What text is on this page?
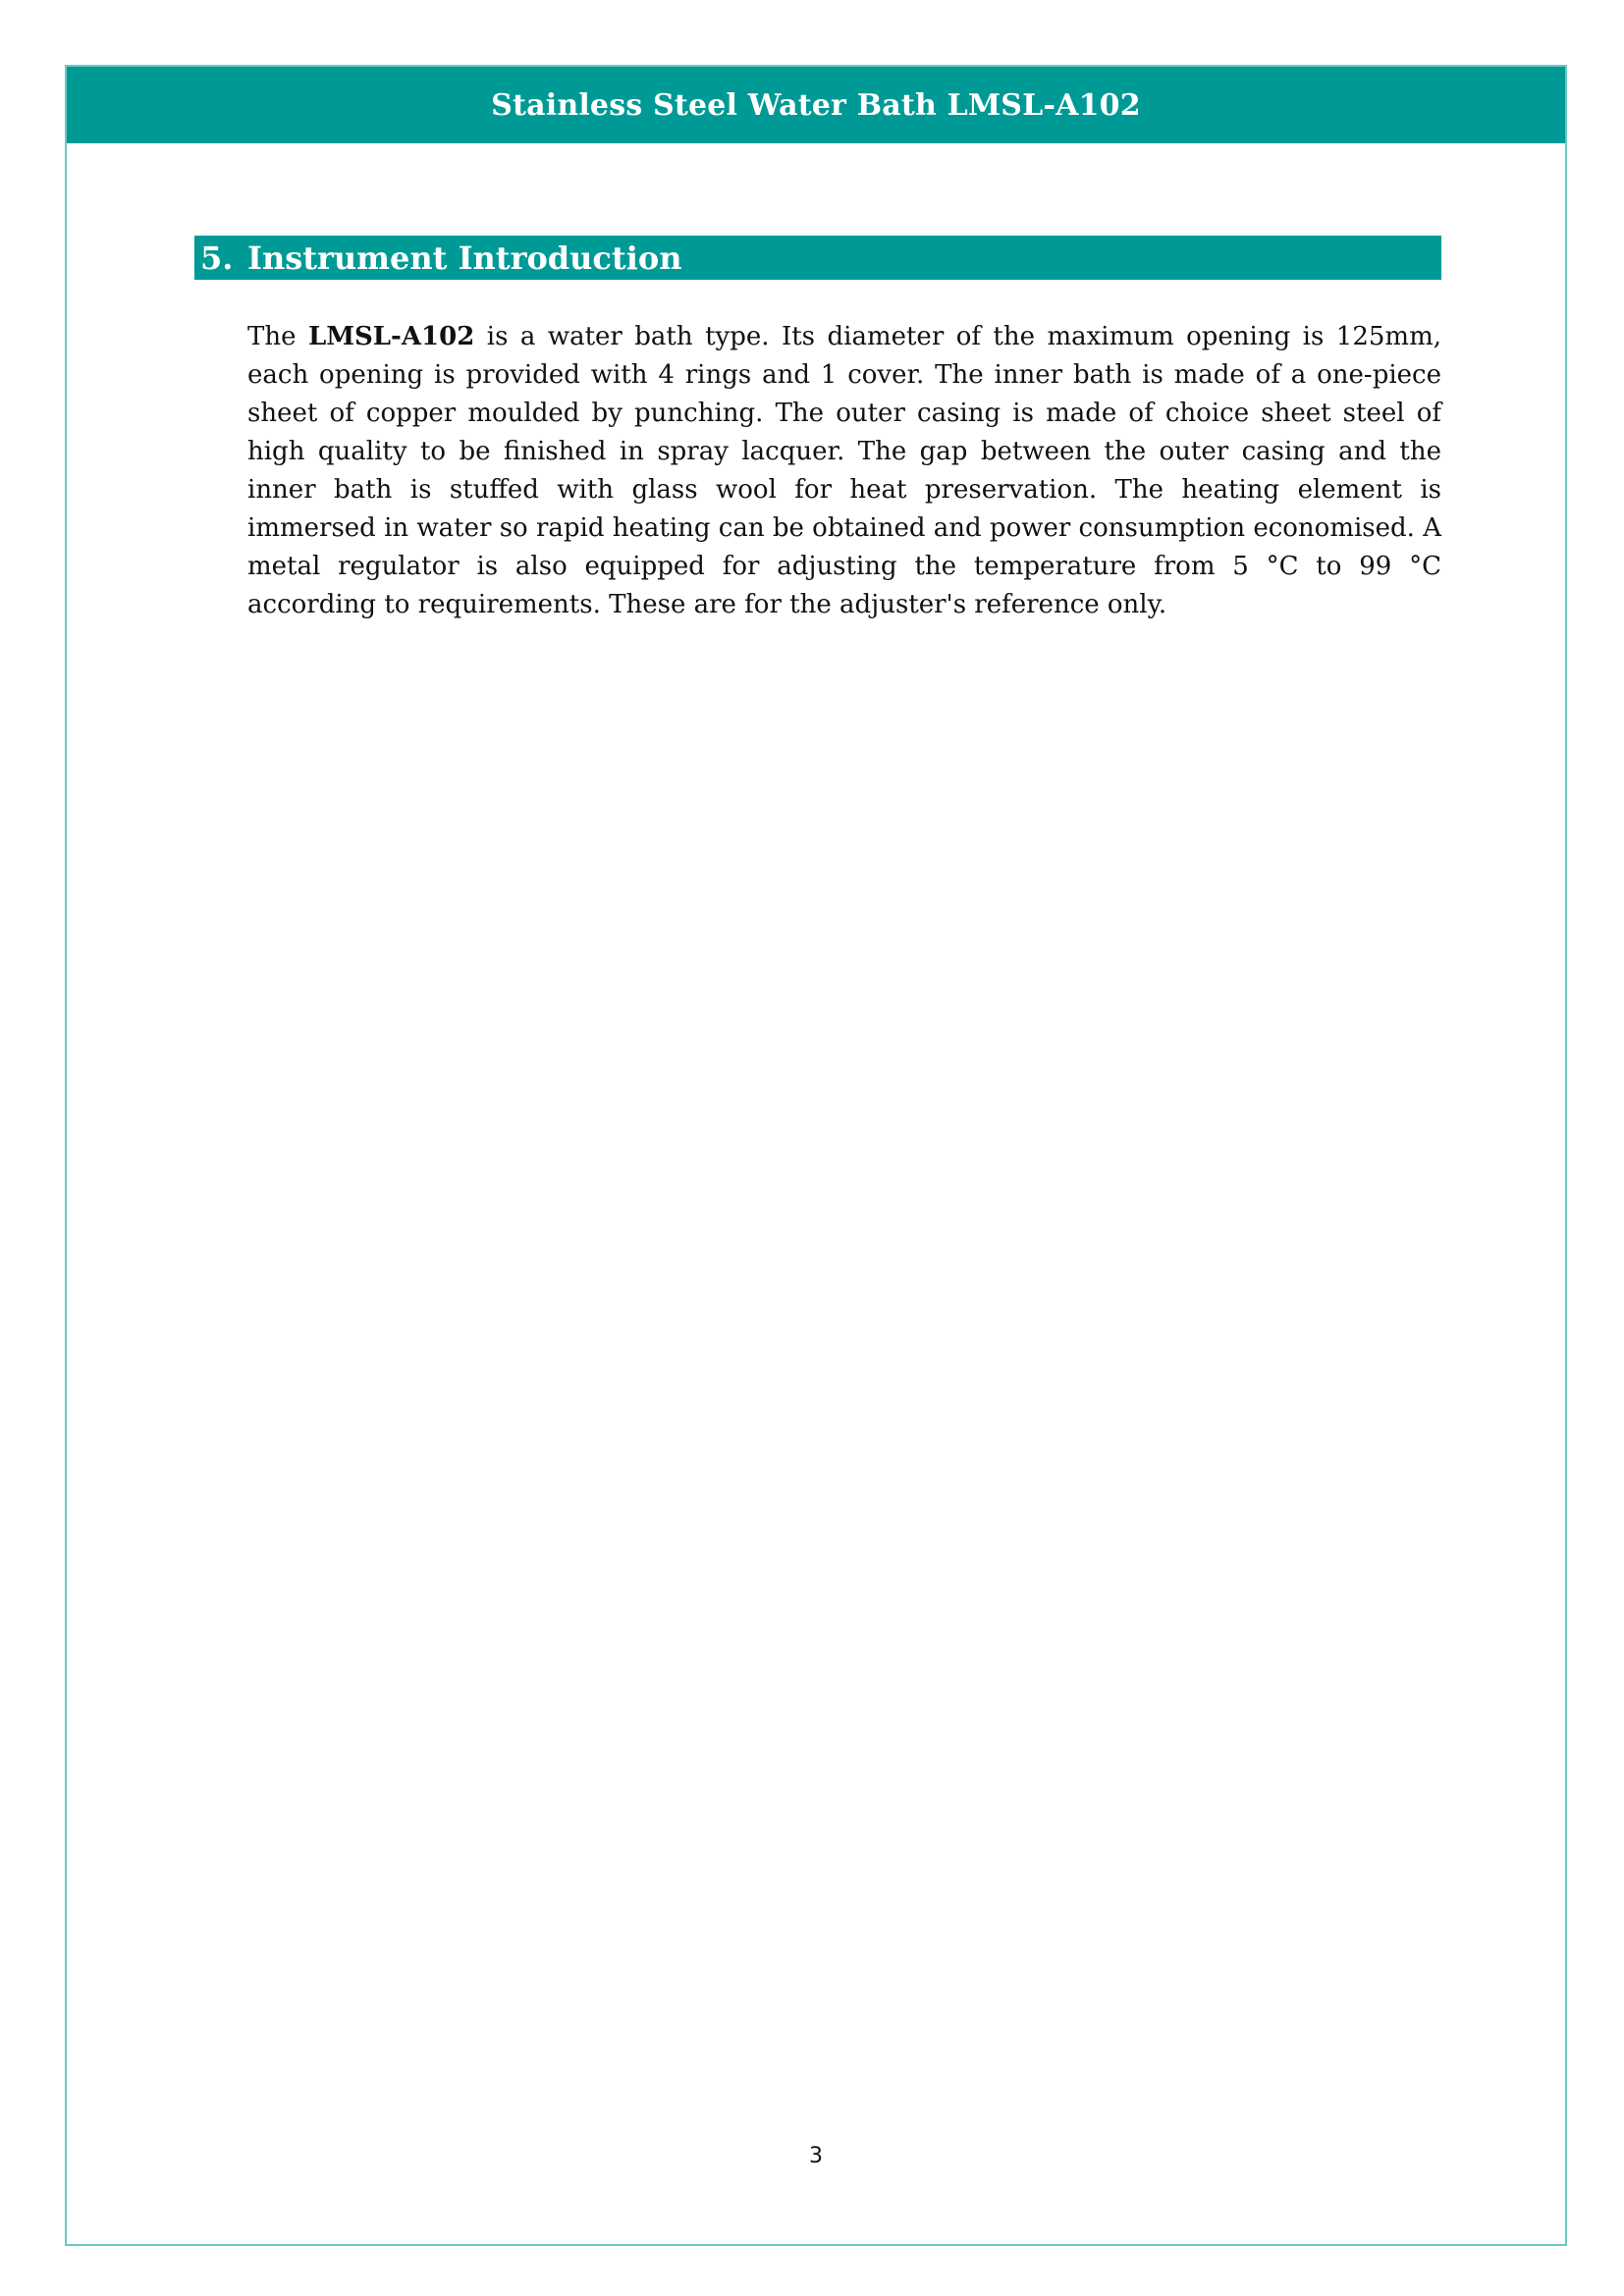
Stainless Steel Water Bath LMSL-A102
5. Instrument Introduction

The LMSL-A102 is a water bath type. Its diameter of the maximum opening is 125mm, each opening is provided with 4 rings and 1 cover. The inner bath is made of a one-piece sheet of copper moulded by punching. The outer casing is made of choice sheet steel of high quality to be finished in spray lacquer. The gap between the outer casing and the inner bath is stuffed with glass wool for heat preservation. The heating element is immersed in water so rapid heating can be obtained and power consumption economised. A metal regulator is also equipped for adjusting the temperature from 5 °C to 99 °C according to requirements. These are for the adjuster's reference only.

3
